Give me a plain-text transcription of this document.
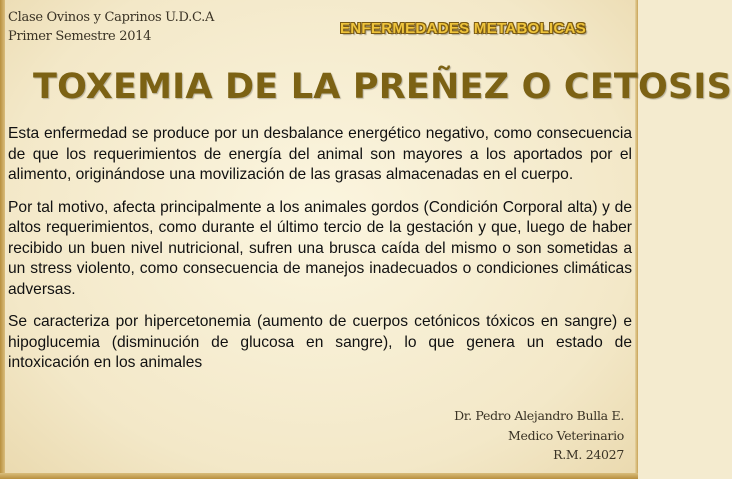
Clase Ovinos y Caprinos U.D.C.A
Primer Semestre 2014	ENFERMEDADES METABOLICAS
TOXEMIA DE LA PREÑEZ O CETOSIS

Esta enfermedad se produce por un desbalance energético negativo, como consecuencia de que los requerimientos de energía del animal son mayores a los aportados por el alimento, originándose una movilización de las grasas almacenadas en el cuerpo.

Por tal motivo, afecta principalmente a los animales gordos (Condición Corporal alta) y de altos requerimientos, como durante el último tercio de la gestación y que, luego de haber recibido un buen nivel nutricional, sufren una brusca caída del mismo o son sometidas a un stress violento, como consecuencia de manejos inadecuados o condiciones climáticas adversas.

Se caracteriza por hipercetonemia (aumento de cuerpos cetónicos tóxicos en sangre) e hipoglucemia (disminución de glucosa en sangre), lo que genera un estado de intoxicación en los animales

Dr. Pedro Alejandro Bulla E.
Medico Veterinario
R.M. 24027
